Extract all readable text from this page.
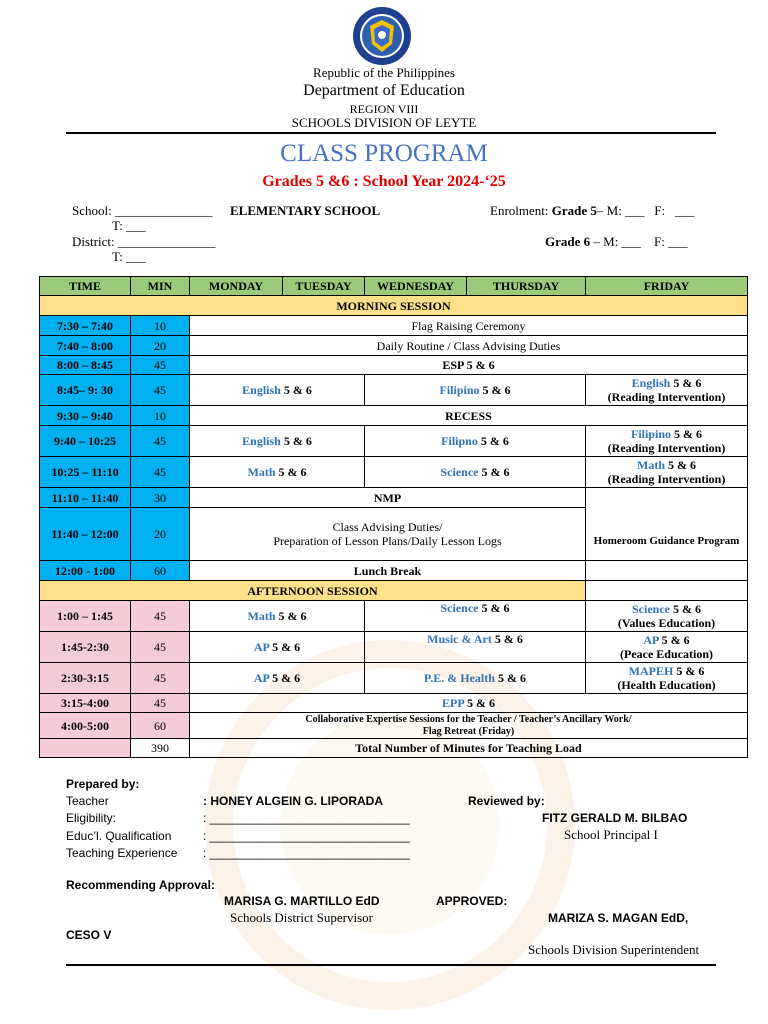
Republic of the Philippines
Department of Education
REGION VIII
SCHOOLS DIVISION OF LEYTE
CLASS PROGRAM
Grades 5 &6 : School Year 2024-‘25
School: _______________ ELEMENTARY SCHOOL
T: ___
District: _______________
T: ___
Enrolment: Grade 5– M: ___   F:   ___
Grade 6 – M: ___    F: ___
TIME	MIN	MONDAY	TUESDAY	WEDNESDAY	THURSDAY	FRIDAY
MORNING SESSION						
7:30 – 7:40	10	Flag Raising Ceremony				
7:40 – 8:00	20	Daily Routine / Class Advising Duties				
8:00 – 8:45	45	ESP 5 & 6				
8:45– 9: 30	45	English 5 & 6		Filipino 5 & 6		English 5 & 6
(Reading Intervention)
9:30 – 9:40	10	RECESS				
9:40 – 10:25	45	English 5 & 6		Filipno 5 & 6		Filipino 5 & 6
(Reading Intervention)
10:25 – 11:10	45	Math 5 & 6		Science 5 & 6		Math 5 & 6
(Reading Intervention)
11:10 – 11:40	30	NMP				Homeroom Guidance Program
11:40 – 12:00	20	Class Advising Duties/
Preparation of Lesson Plans/Daily Lesson Logs				
12:00 - 1:00	60	Lunch Break				
AFTERNOON SESSION						
1:00 – 1:45	45	Math 5 & 6		Science 5 & 6		Science 5 & 6
(Values Education)
1:45-2:30	45	AP 5 & 6		Music & Art 5 & 6		AP 5 & 6
(Peace Education)
2:30-3:15	45	AP 5 & 6		P.E. & Health 5 & 6		MAPEH 5 & 6
(Health Education)
3:15-4:00	45	EPP 5 & 6				
4:00-5:00	60	Collaborative Expertise Sessions for the Teacher / Teacher’s Ancillary Work/
Flag Retreat (Friday)				
	390	Total Number of Minutes for Teaching Load				
Prepared by:
Teacher	: HONEY ALGEIN G. LIPORADA
Eligibility:	: ______________________________
Educ’l. Qualification	: ______________________________
Teaching Experience : ______________________________
Reviewed by:
FITZ GERALD M. BILBAO
School Principal I
Recommending Approval:
MARISA G. MARTILLO EdD
Schools District Supervisor
APPROVED:
MARIZA S. MAGAN EdD,
CESO V
Schools Division Superintendent
